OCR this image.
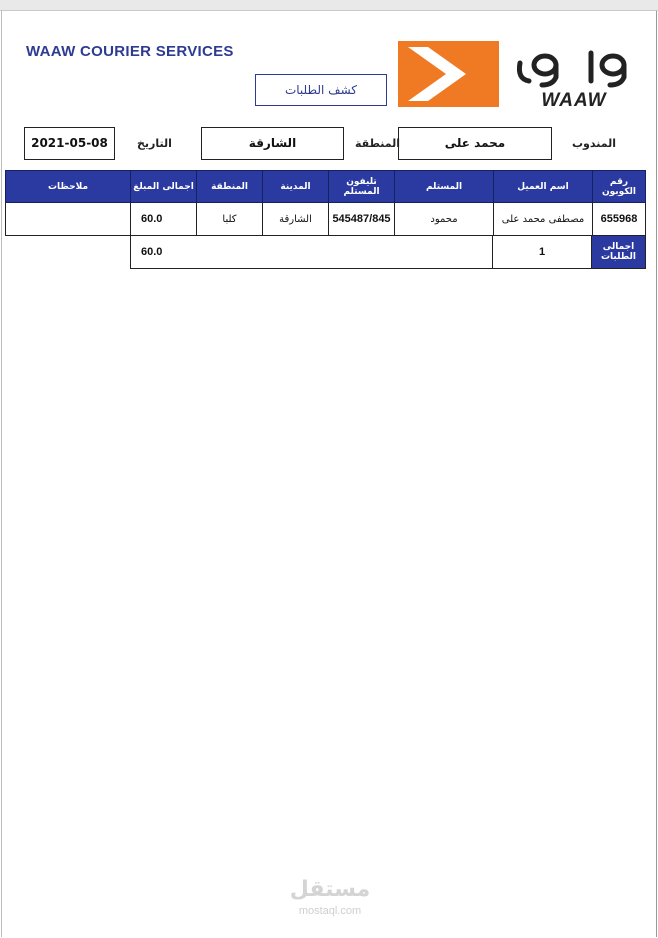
WAAW COURIER SERVICES
كشف الطلبات	WAAW
2021-05-08	التاريخ	الشارقة	المنطقة	محمد على	المندوب
ملاحظات	اجمالى المبلغ	المنطقة	المدينة	تليفون المستلم	المستلم	اسم العميل	رقم الكوبون
	60.0	كلبا	الشارقة	545487/845	محمود	مصطفى محمد على	655968
60.0	1	اجمالى الطلبات
مستقل
mostaql.com
